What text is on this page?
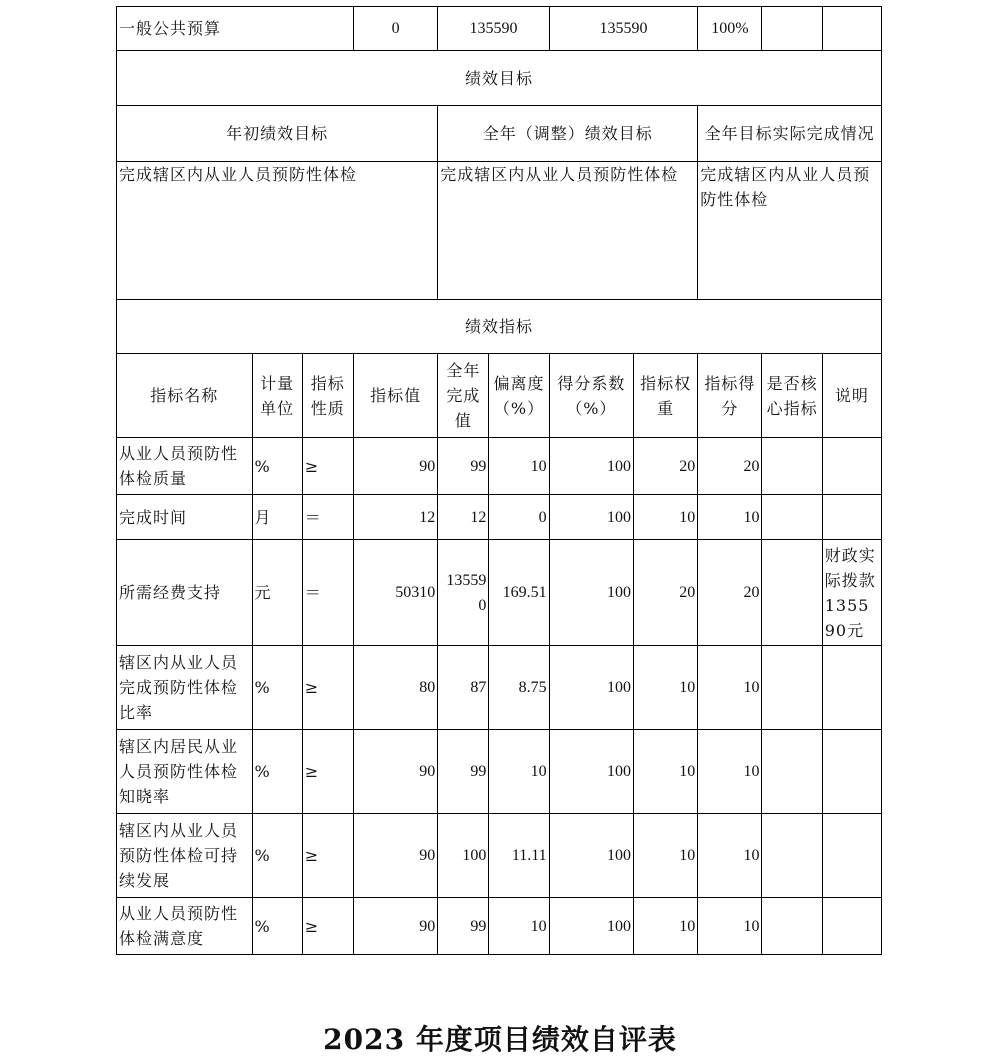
一般公共预算			0	135590		135590		100%		
绩效目标										
年初绩效目标				全年（调整）绩效目标				全年目标实际完成情况		
完成辖区内从业人员预防性体检				完成辖区内从业人员预防性体检				完成辖区内从业人员预防性体检		
绩效指标										
指标名称	计量单位	指标性质	指标值	全年完成值	偏离度（%）	得分系数（%）	指标权重	指标得分	是否核心指标	说明
从业人员预防性体检质量	%	≥	90	99	10	100	20	20		
完成时间	月	＝	12	12	0	100	10	10		
所需经费支持	元	＝	50310	135590	169.51	100	20	20		财政实际拨款135590元
辖区内从业人员完成预防性体检比率	%	≥	80	87	8.75	100	10	10		
辖区内居民从业人员预防性体检知晓率	%	≥	90	99	10	100	10	10		
辖区内从业人员预防性体检可持续发展	%	≥	90	100	11.11	100	10	10		
从业人员预防性体检满意度	%	≥	90	99	10	100	10	10		
2023 年度项目绩效自评表
